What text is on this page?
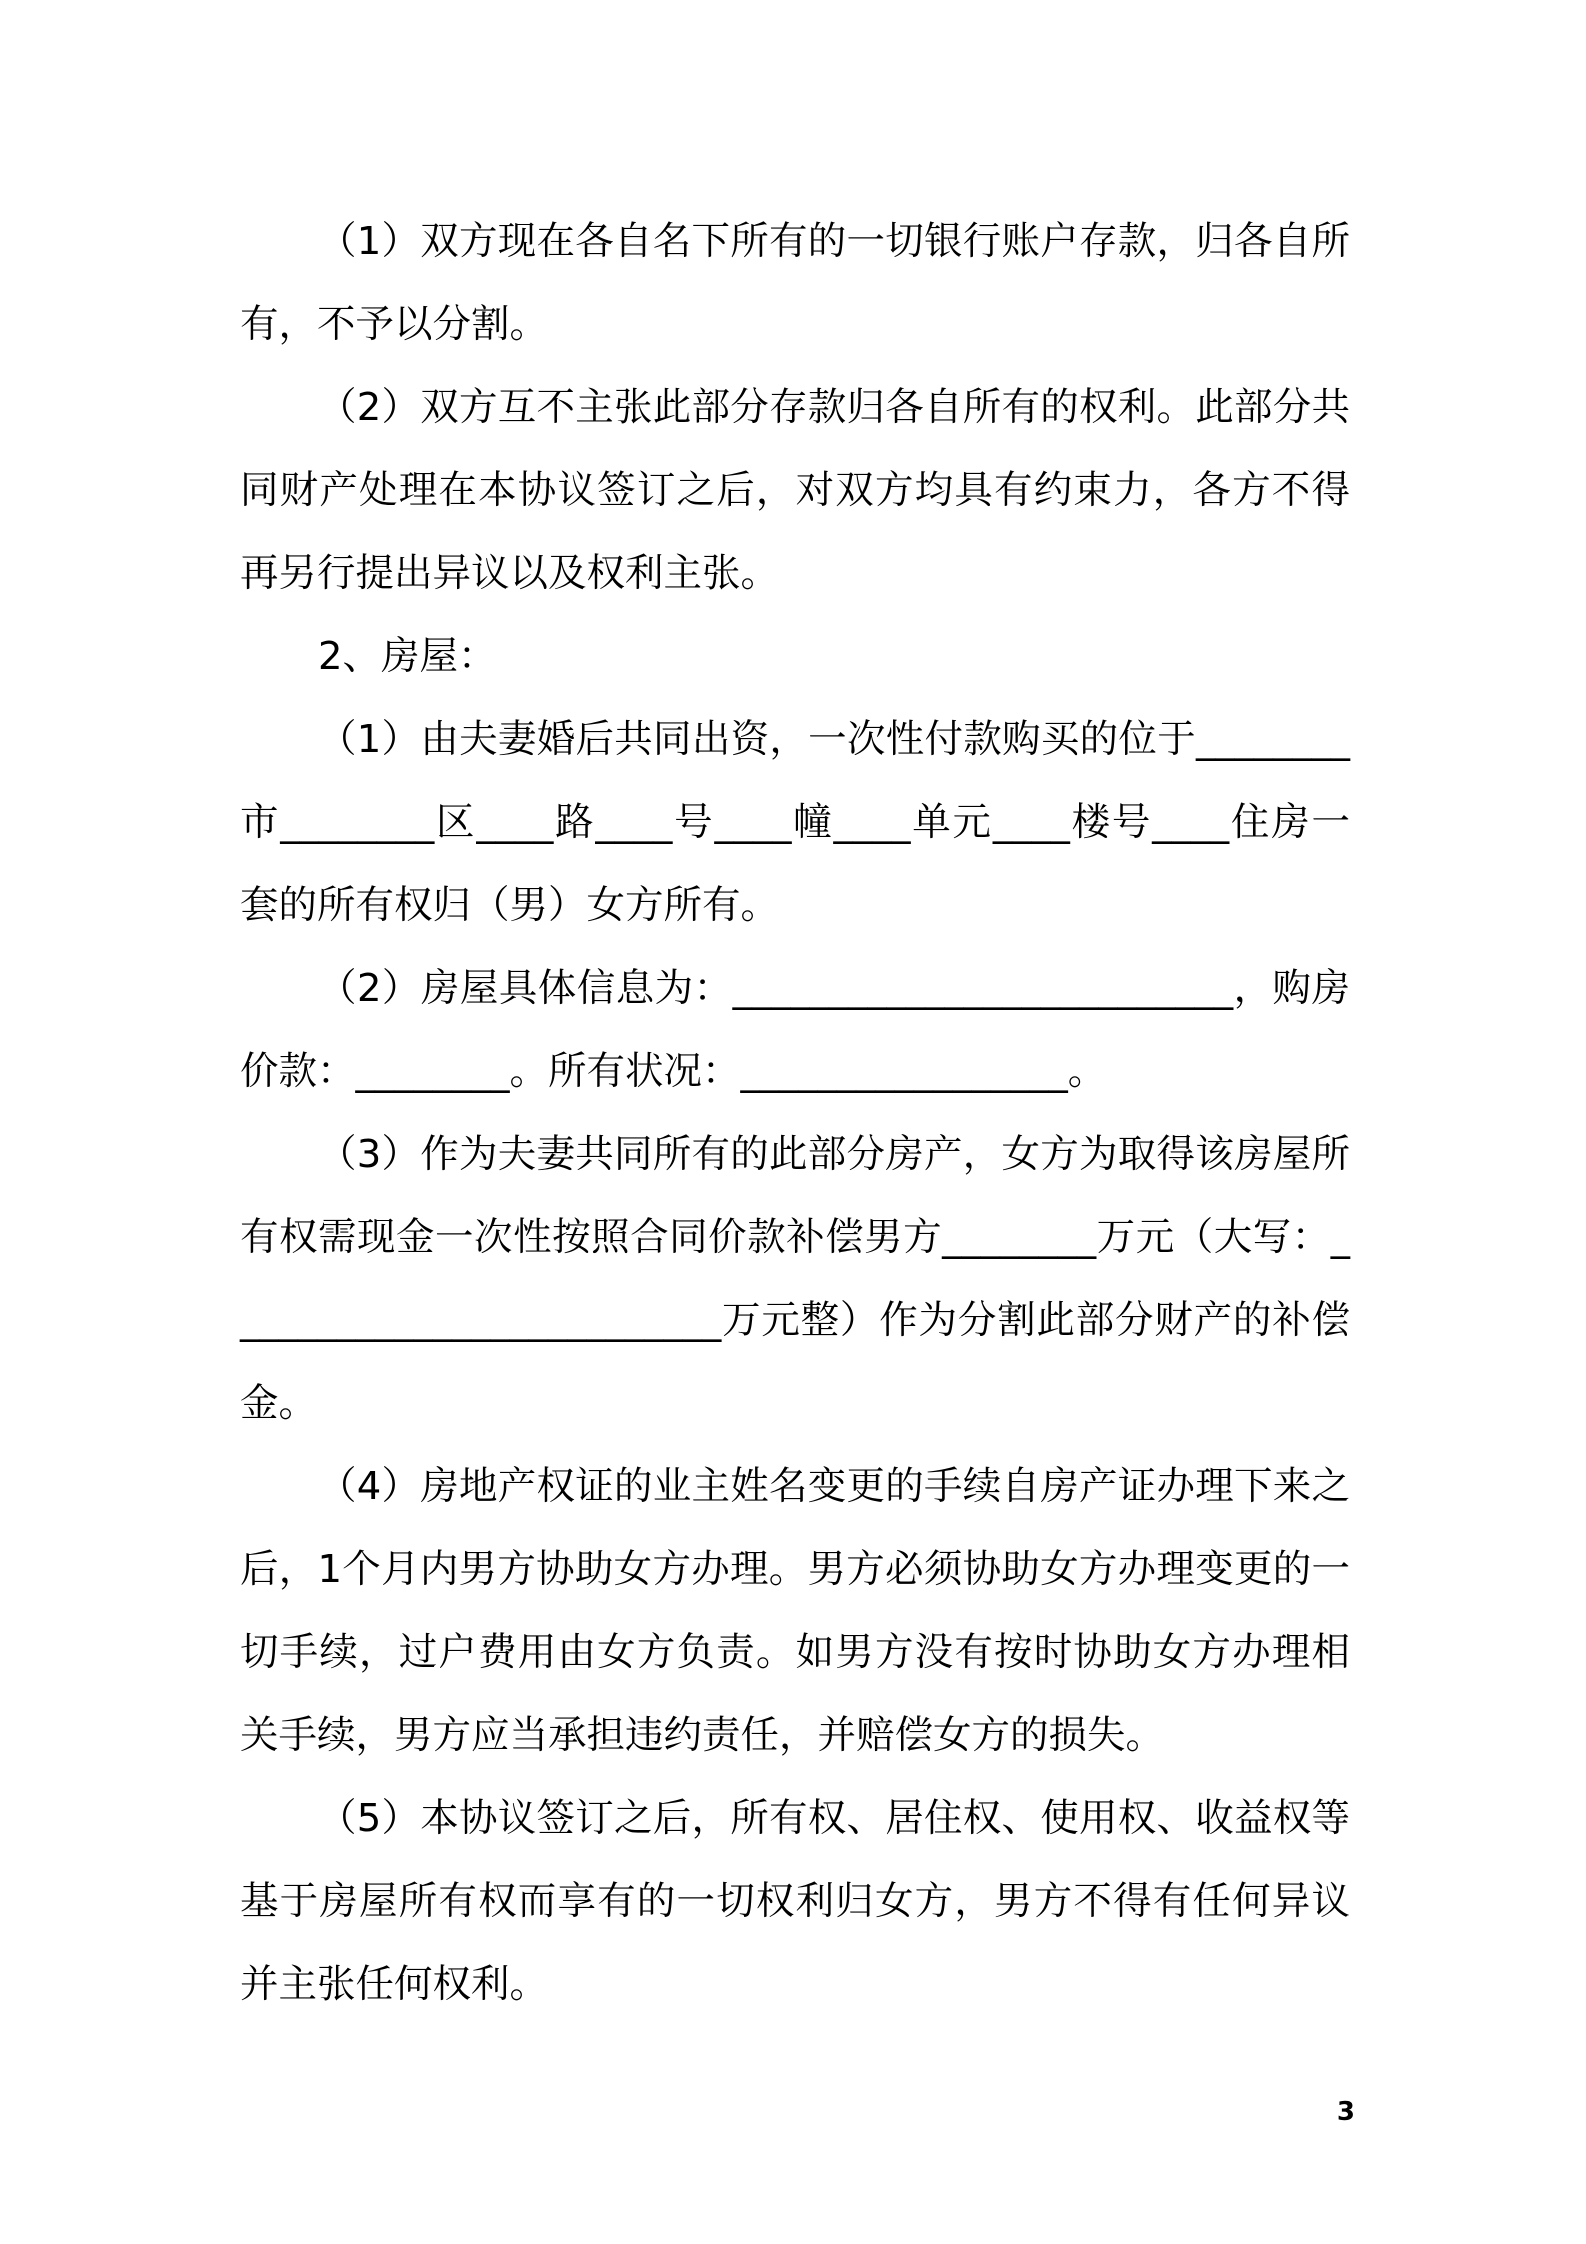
（1）双方现在各自名下所有的一切银行账户存款，归各自所有，不予以分割。

（2）双方互不主张此部分存款归各自所有的权利。此部分共同财产处理在本协议签订之后，对双方均具有约束力，各方不得再另行提出异议以及权利主张。

2、房屋：

（1）由夫妻婚后共同出资，一次性付款购买的位于________市________区____路____号____幢____单元____楼号____住房一套的所有权归（男）女方所有。

（2）房屋具体信息为：__________________________，购房价款：________。所有状况：_________________。

（3）作为夫妻共同所有的此部分房产，女方为取得该房屋所有权需现金一次性按照合同价款补偿男方________万元（大写：__________________________万元整）作为分割此部分财产的补偿金。

（4）房地产权证的业主姓名变更的手续自房产证办理下来之后，1个月内男方协助女方办理。男方必须协助女方办理变更的一切手续，过户费用由女方负责。如男方没有按时协助女方办理相关手续，男方应当承担违约责任，并赔偿女方的损失。

（5）本协议签订之后，所有权、居住权、使用权、收益权等基于房屋所有权而享有的一切权利归女方，男方不得有任何异议并主张任何权利。

3
